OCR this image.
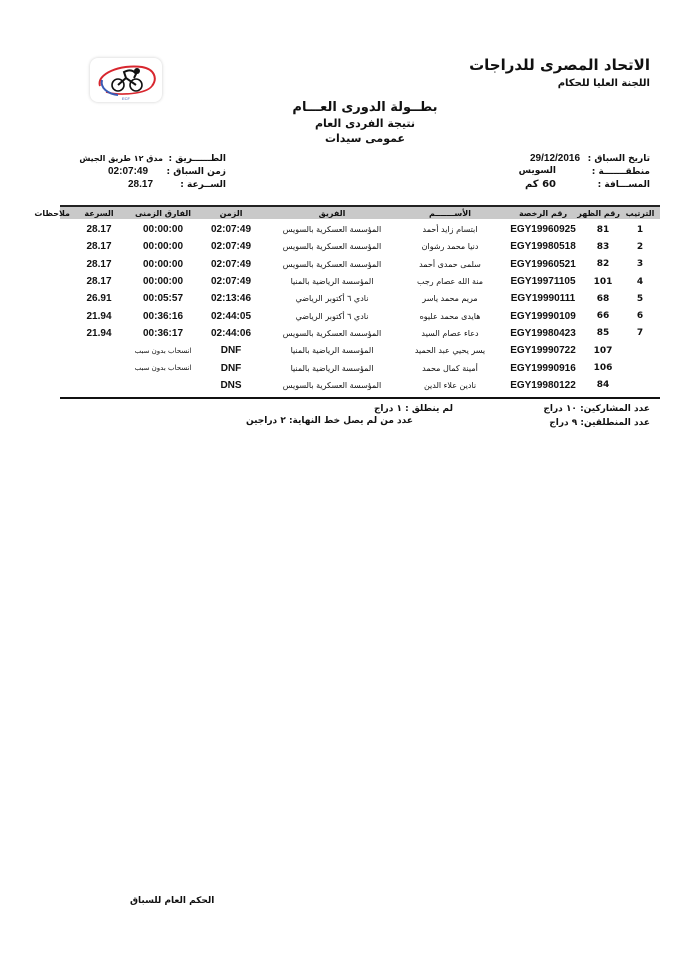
الاتحاد المصرى للدراجات
اللجنة العليا للحكام
ECF
بطــولة الدورى العـــام
نتيجة الفردى العام
عمومى سيدات
تاريخ السباق :
29/12/2016
منطقـــــــة :
السويس
المســـافة :
60 كم
الطــــــريق :
مدق ١٢ طريق الجيش
زمن السباق :
02:07:49
الســرعة :
28.17
الترتيب
رقم الظهر
رقم الرخصة
الأســـــــم
الفريق
الزمن
الفارق الزمنى
السرعة
ملاحظات
1
81
EGY19960925
ابتسام زايد أحمد
المؤسسة العسكرية بالسويس
02:07:49
00:00:00
28.17
2
83
EGY19980518
دنيا محمد رشوان
المؤسسة العسكرية بالسويس
02:07:49
00:00:00
28.17
3
82
EGY19960521
سلمى حمدى أحمد
المؤسسة العسكرية بالسويس
02:07:49
00:00:00
28.17
4
101
EGY19971105
منة الله عصام رجب
المؤسسة الرياضية بالمنيا
02:07:49
00:00:00
28.17
5
68
EGY19990111
مريم محمد ياسر
نادي ٦ أكتوبر الرياضي
02:13:46
00:05:57
26.91
6
66
EGY19990109
هايدى محمد عليوه
نادي ٦ أكتوبر الرياضي
02:44:05
00:36:16
21.94
7
85
EGY19980423
دعاء عصام السيد
المؤسسة العسكرية بالسويس
02:44:06
00:36:17
21.94
107
EGY19990722
يسر يحيي عبد الحميد
المؤسسة الرياضية بالمنيا
DNF
انسحاب بدون سبب
106
EGY19990916
أمينة كمال محمد
المؤسسة الرياضية بالمنيا
DNF
انسحاب بدون سبب
84
EGY19980122
نادين علاء الدين
المؤسسة العسكرية بالسويس
DNS
عدد المشاركين: ١٠ دراج
لم ينطلق : ١ دراج
عدد المنطلقين: ٩ دراج
عدد من لم يصل خط النهاية: ٢ دراجين
الحكم العام للسباق
